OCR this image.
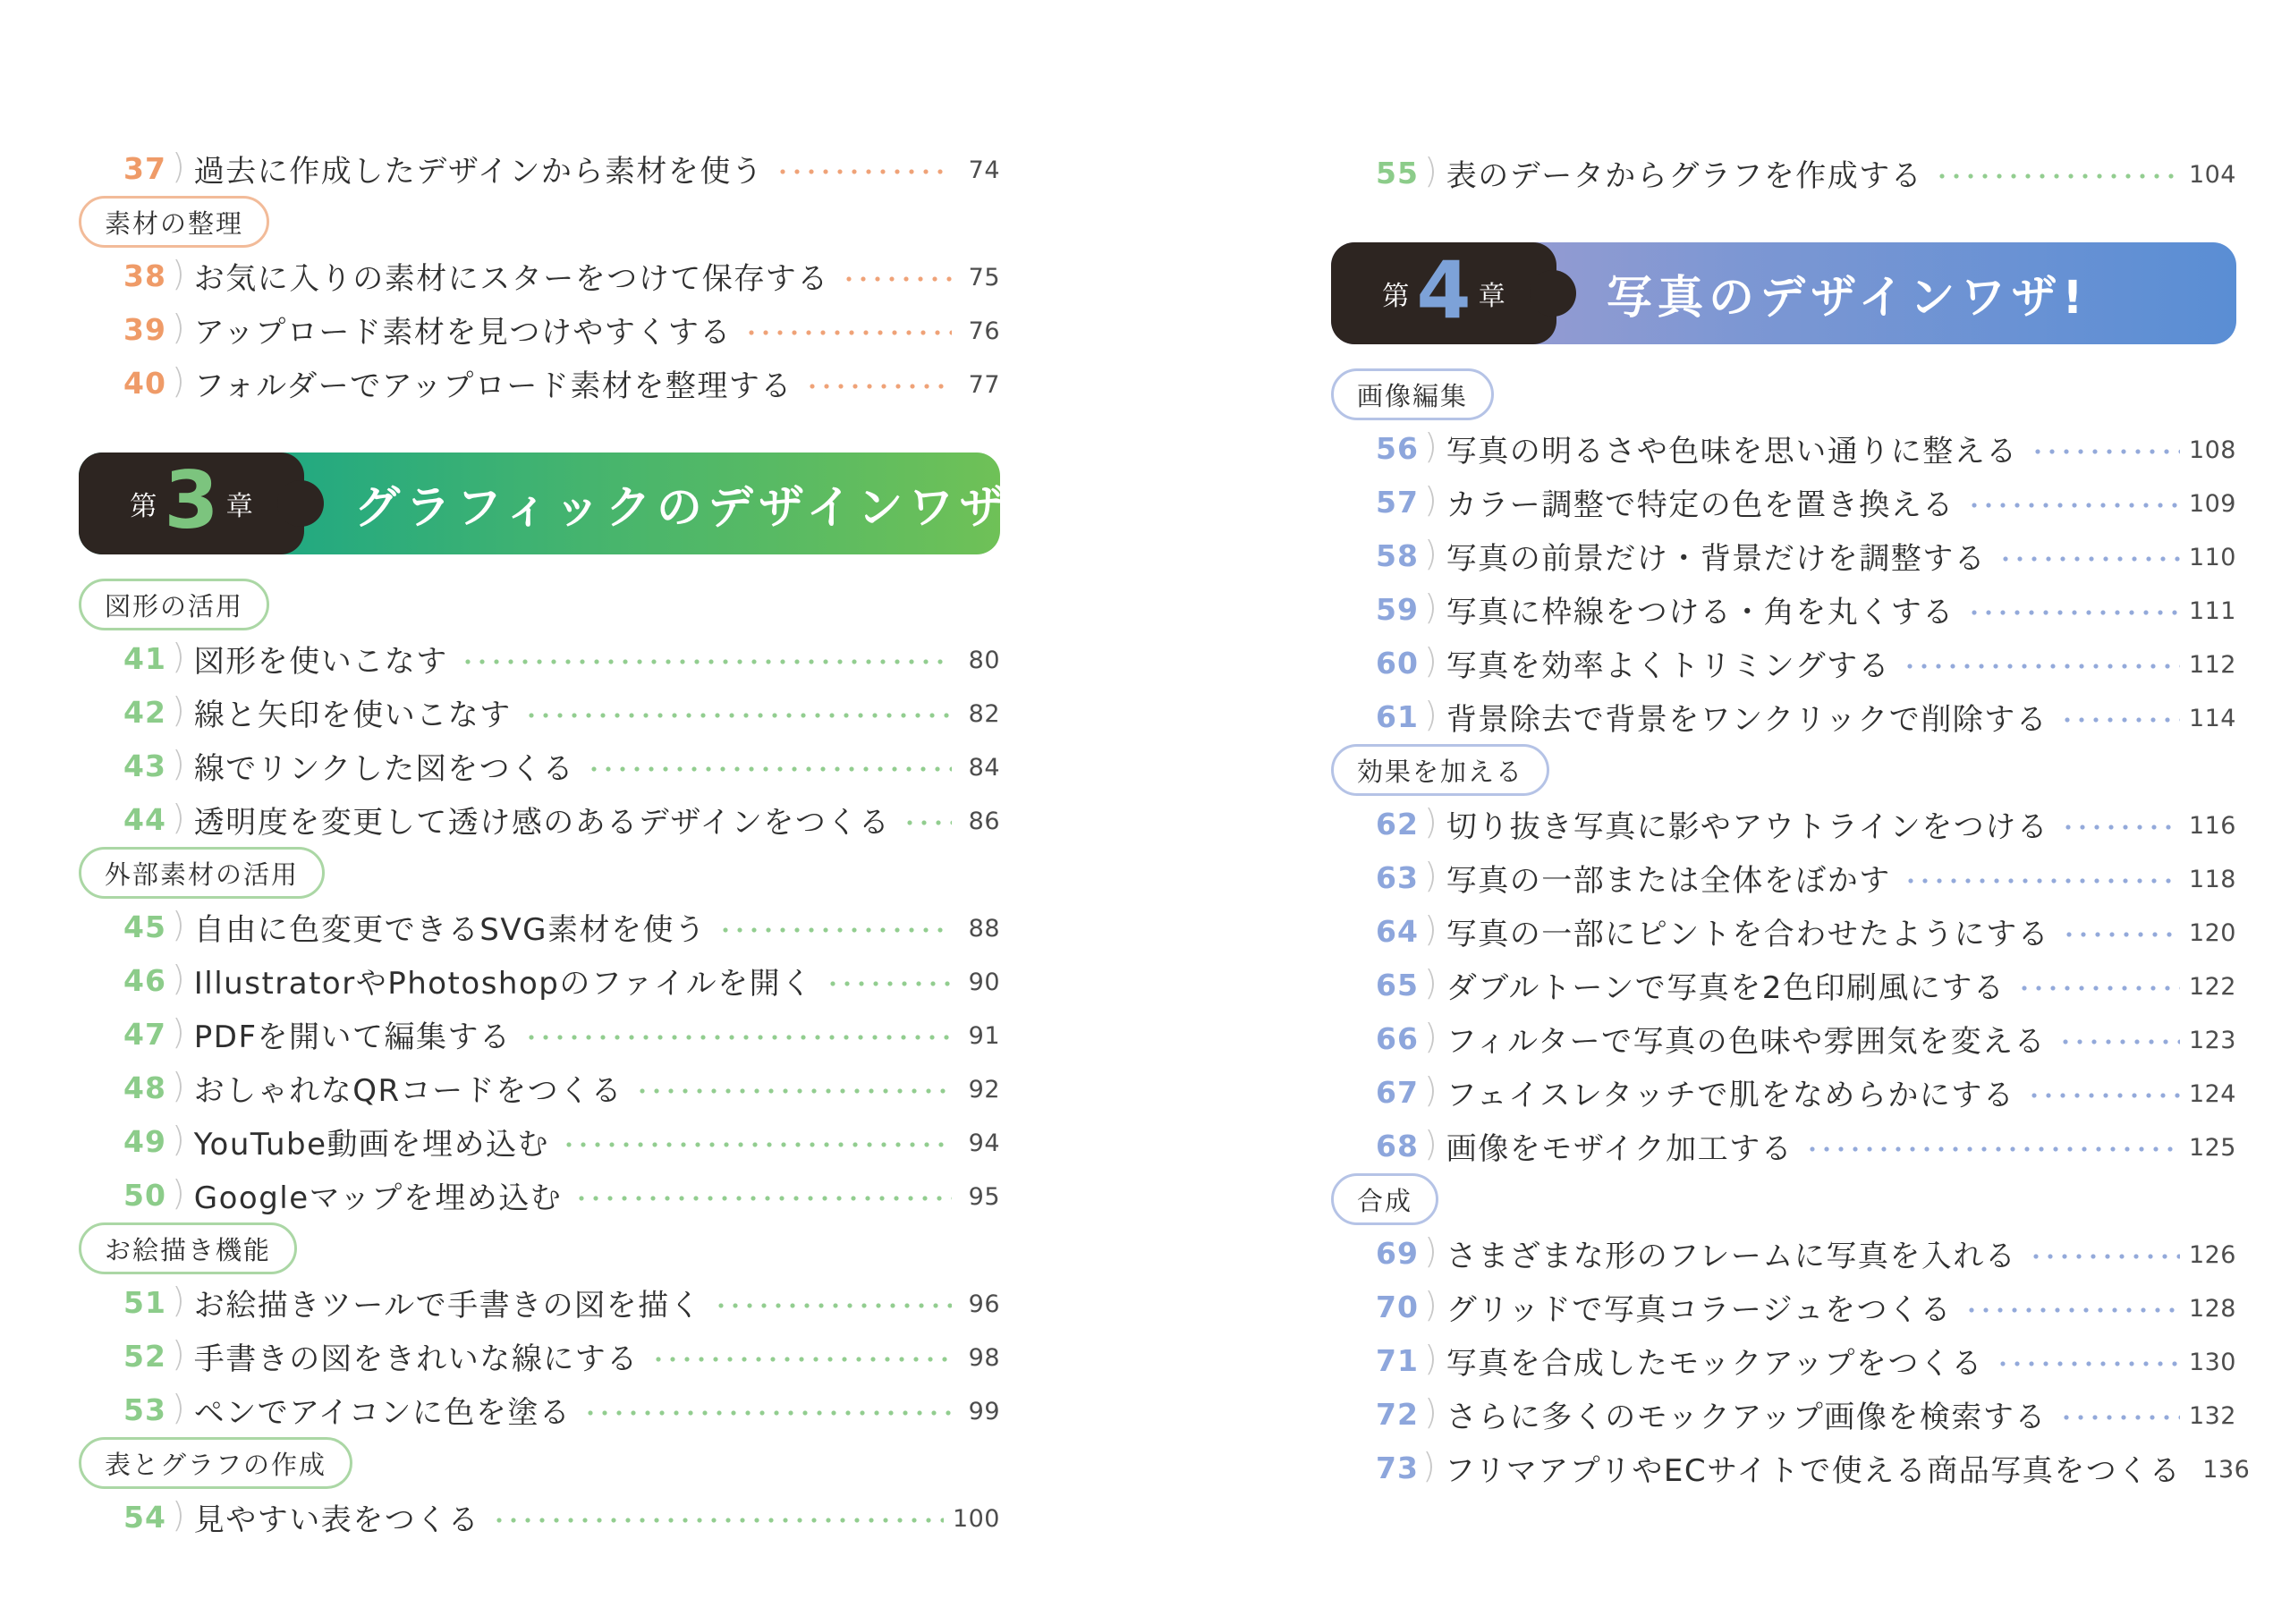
37 ) 過去に作成したデザインから素材を使う	74
素材の整理
38 ) お気に入りの素材にスターをつけて保存する	75
39 ) アップロード素材を見つけやすくする	76
40 ) フォルダーでアップロード素材を整理する	77
第 3 章 グラフィックのデザインワザ!
図形の活用
41 ) 図形を使いこなす	80
42 ) 線と矢印を使いこなす	82
43 ) 線でリンクした図をつくる	84
44 ) 透明度を変更して透け感のあるデザインをつくる	86
外部素材の活用
45 ) 自由に色変更できるSVG素材を使う	88
46 ) IllustratorやPhotoshopのファイルを開く	90
47 ) PDFを開いて編集する	91
48 ) おしゃれなQRコードをつくる	92
49 ) YouTube動画を埋め込む	94
50 ) Googleマップを埋め込む	95
お絵描き機能
51 ) お絵描きツールで手書きの図を描く	96
52 ) 手書きの図をきれいな線にする	98
53 ) ペンでアイコンに色を塗る	99
表とグラフの作成
54 ) 見やすい表をつくる	100
55 ) 表のデータからグラフを作成する	104
第 4 章 写真のデザインワザ!
画像編集
56 ) 写真の明るさや色味を思い通りに整える	108
57 ) カラー調整で特定の色を置き換える	109
58 ) 写真の前景だけ・背景だけを調整する	110
59 ) 写真に枠線をつける・角を丸くする	111
60 ) 写真を効率よくトリミングする	112
61 ) 背景除去で背景をワンクリックで削除する	114
効果を加える
62 ) 切り抜き写真に影やアウトラインをつける	116
63 ) 写真の一部または全体をぼかす	118
64 ) 写真の一部にピントを合わせたようにする	120
65 ) ダブルトーンで写真を2色印刷風にする	122
66 ) フィルターで写真の色味や雰囲気を変える	123
67 ) フェイスレタッチで肌をなめらかにする	124
68 ) 画像をモザイク加工する	125
合成
69 ) さまざまな形のフレームに写真を入れる	126
70 ) グリッドで写真コラージュをつくる	128
71 ) 写真を合成したモックアップをつくる	130
72 ) さらに多くのモックアップ画像を検索する	132
73 ) フリマアプリやECサイトで使える商品写真をつくる 136
